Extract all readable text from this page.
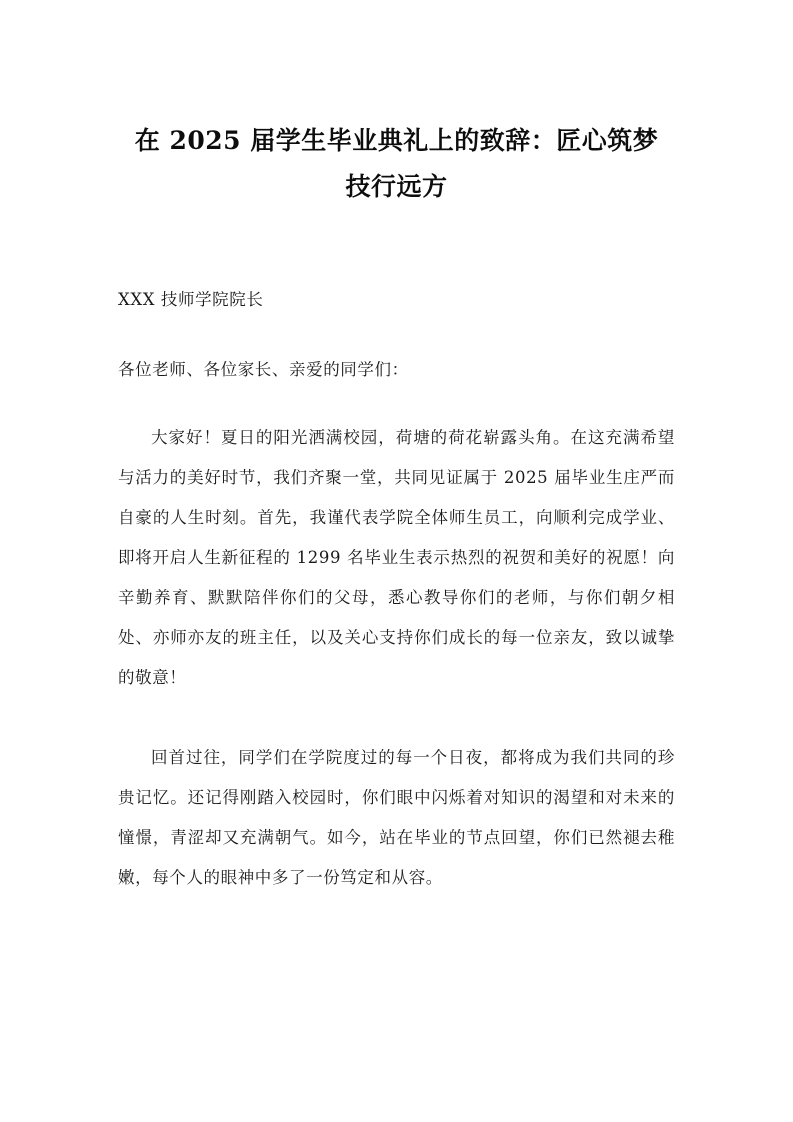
在 2025 届学生毕业典礼上的致辞：匠心筑梦技行远方

XXX 技师学院院长

各位老师、各位家长、亲爱的同学们：

大家好！夏日的阳光洒满校园，荷塘的荷花崭露头角。在这充满希望与活力的美好时节，我们齐聚一堂，共同见证属于 2025 届毕业生庄严而自豪的人生时刻。首先，我谨代表学院全体师生员工，向顺利完成学业、即将开启人生新征程的 1299 名毕业生表示热烈的祝贺和美好的祝愿！向辛勤养育、默默陪伴你们的父母，悉心教导你们的老师，与你们朝夕相处、亦师亦友的班主任，以及关心支持你们成长的每一位亲友，致以诚挚的敬意！

回首过往，同学们在学院度过的每一个日夜，都将成为我们共同的珍贵记忆。还记得刚踏入校园时，你们眼中闪烁着对知识的渴望和对未来的憧憬，青涩却又充满朝气。如今，站在毕业的节点回望，你们已然褪去稚嫩，每个人的眼神中多了一份笃定和从容。
